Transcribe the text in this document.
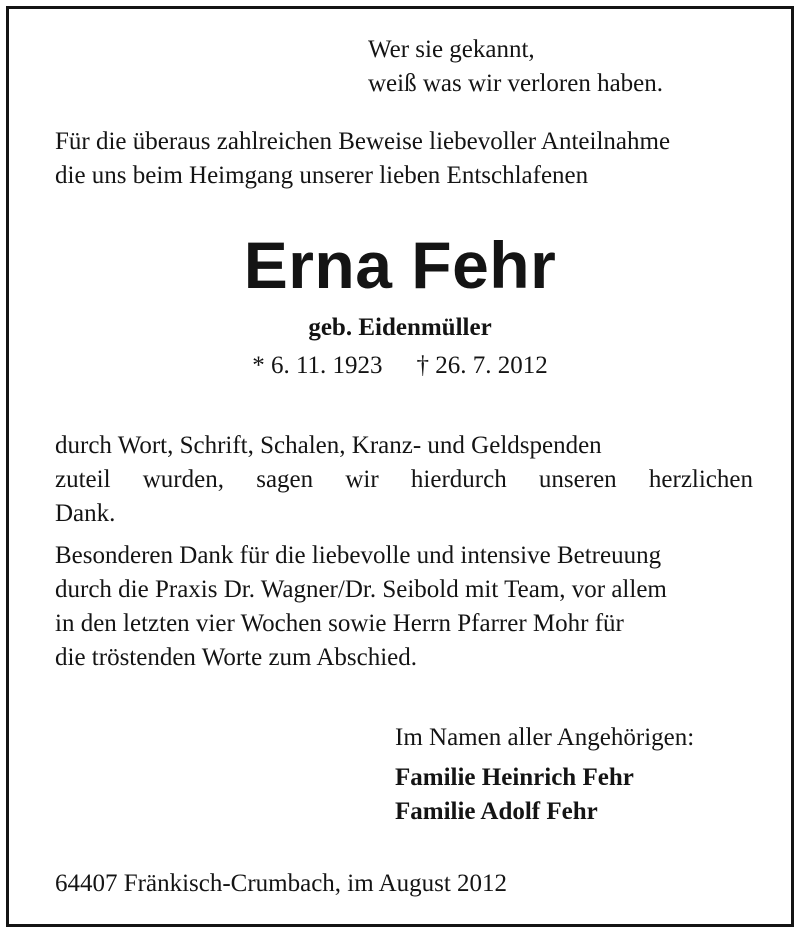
Wer sie gekannt,
weiß was wir verloren haben.
Für die überaus zahlreichen Beweise liebevoller Anteilnahme
die uns beim Heimgang unserer lieben Entschlafenen
Erna Fehr
geb. Eidenmüller
* 6. 11. 1923 † 26. 7. 2012
durch Wort, Schrift, Schalen, Kranz- und Geldspenden
zuteil wurden, sagen wir hierdurch unseren herzlichen
Dank.
Besonderen Dank für die liebevolle und intensive Betreuung
durch die Praxis Dr. Wagner/Dr. Seibold mit Team, vor allem
in den letzten vier Wochen sowie Herrn Pfarrer Mohr für
die tröstenden Worte zum Abschied.
Im Namen aller Angehörigen:
Familie Heinrich Fehr
Familie Adolf Fehr
64407 Fränkisch-Crumbach, im August 2012
